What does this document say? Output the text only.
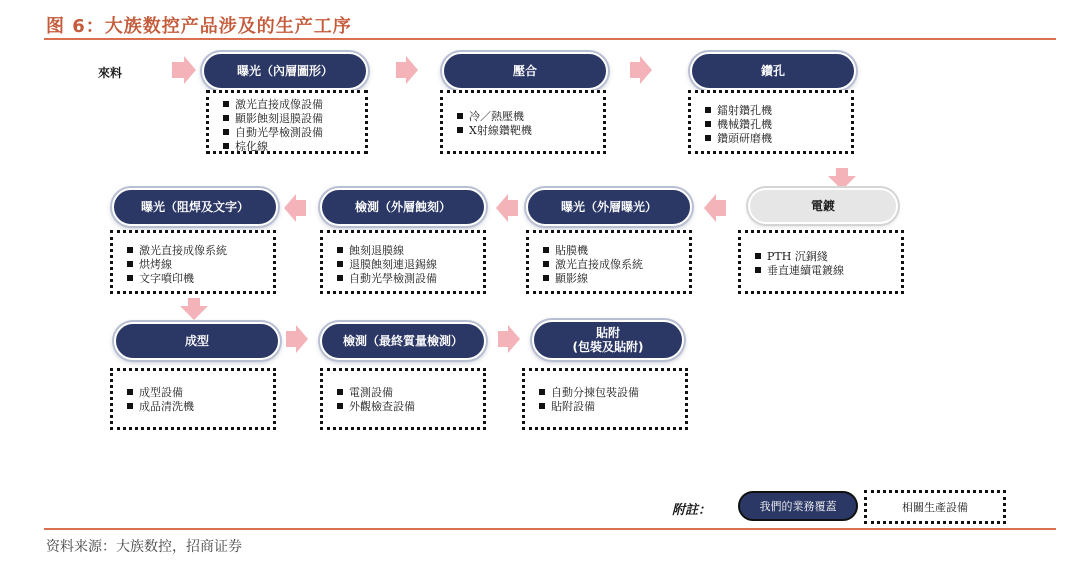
图 6：大族数控产品涉及的生产工序
來料	曝光（內層圖形）
激光直接成像設備
顯影蝕刻退膜設備
自動光學檢測設備
棕化線
壓合
冷／熱壓機
X射線鑽靶機
鑽孔
鐳射鑽孔機
機械鑽孔機
鑽頭研磨機
電鍍
PTH 沉銅綫
垂直連續電鍍線
曝光（外層曝光）
貼膜機
激光直接成像系統
顯影線
檢測（外層蝕刻）
蝕刻退膜線
退膜蝕刻連退錫線
自動光學檢測設備
曝光（阻焊及文字）
激光直接成像系統
烘烤線
文字噴印機
成型
成型設備
成品清洗機
檢測（最終質量檢測）
電測設備
外觀檢查設備
貼附
(包裝及貼附)
自動分揀包裝設備
貼附設備
附註：	我們的業務覆蓋	相關生產設備
资料来源：大族数控，招商证券
